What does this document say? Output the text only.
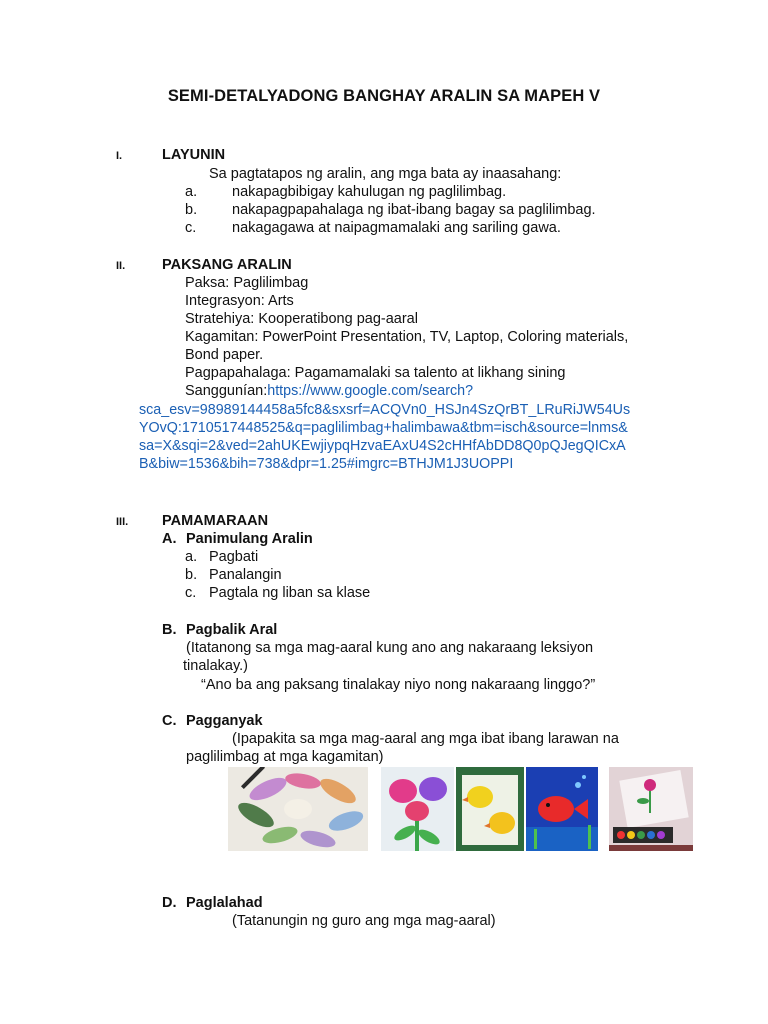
SEMI-DETALYADONG BANGHAY ARALIN SA MAPEH V
I.	LAYUNIN
Sa pagtatapos ng aralin, ang mga bata ay inaasahang:
a. nakapagbibigay kahulugan ng paglilimbag.
b. nakapagpapahalaga ng ibat-ibang bagay sa paglilimbag.
c. nakagagawa at naipagmamalaki ang sariling gawa.
II.	PAKSANG ARALIN
Paksa: Paglilimbag
Integrasyon: Arts
Stratehiya: Kooperatibong pag-aaral
Kagamitan: PowerPoint Presentation, TV, Laptop, Coloring materials,
Bond paper.
Pagpapahalaga: Pagamamalaki sa talento at likhang sining
Sanggunían:https://www.google.com/search?
sca_esv=98989144458a5fc8&sxsrf=ACQVn0_HSJn4SzQrBT_LRuRiJW54Us
YOvQ:1710517448525&q=paglilimbag+halimbawa&tbm=isch&source=lnms&
sa=X&sqi=2&ved=2ahUKEwjiypqHzvaEAxU4S2cHHfAbDD8Q0pQJegQICxA
B&biw=1536&bih=738&dpr=1.25#imgrc=BTHJM1J3UOPPI
III. PAMAMARAAN
A. Panimulang Aralin
a. Pagbati
b. Panalangin
c. Pagtala ng liban sa klase
B. Pagbalik Aral
(Itatanong sa mga mag-aaral kung ano ang nakaraang leksiyon
tinalakay.)
“Ano ba ang paksang tinalakay niyo nong nakaraang linggo?”
C. Pagganyak
(Ipapakita sa mga mag-aaral ang mga ibat ibang larawan na
paglilimbag at mga kagamitan)
D. Paglalahad
(Tatanungin ng guro ang mga mag-aaral)
